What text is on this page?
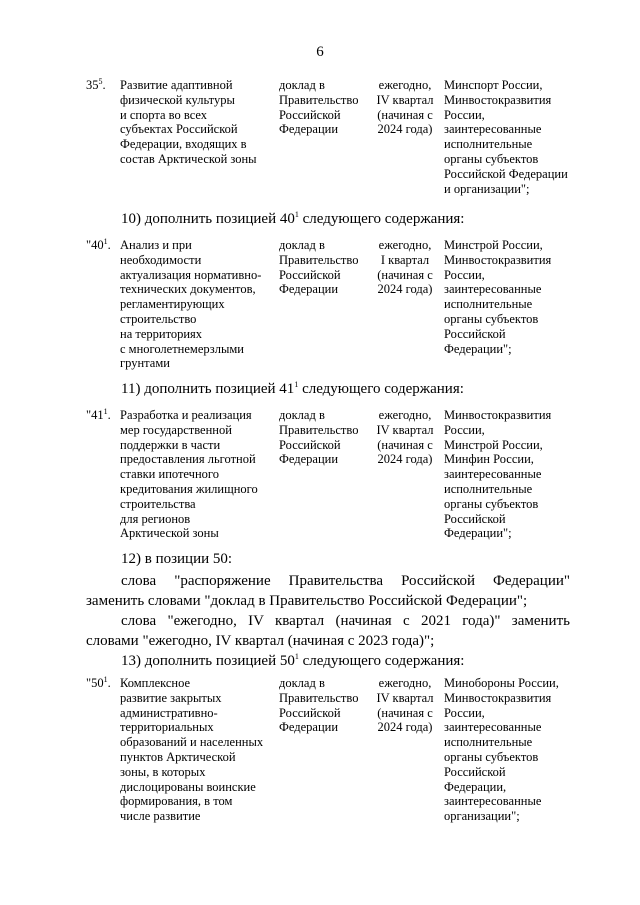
6
$35^5$. Развитие адаптивной
физической культуры
и спорта во всех
субъектах Российской
Федерации, входящих в
состав Арктической зоны
доклад в
Правительство
Российской
Федерации
ежегодно,
IV квартал
(начиная с
2024 года)
Минспорт России,
Минвостокразвития
России,
заинтересованные
исполнительные
органы субъектов
Российской Федерации
и организации";
10) дополнить позицией $40^1$ следующего содержания:
"$40^1$. Анализ и при
необходимости
актуализация нормативно-
технических документов,
регламентирующих
строительство
на территориях
с многолетнемерзлыми
грунтами
доклад в
Правительство
Российской
Федерации
ежегодно,
I квартал
(начиная с
2024 года)
Минстрой России,
Минвостокразвития
России,
заинтересованные
исполнительные
органы субъектов
Российской
Федерации";
11) дополнить позицией $41^1$ следующего содержания:
"$41^1$. Разработка и реализация
мер государственной
поддержки в части
предоставления льготной
ставки ипотечного
кредитования жилищного
строительства
для регионов
Арктической зоны
доклад в
Правительство
Российской
Федерации
ежегодно,
IV квартал
(начиная с
2024 года)
Минвостокразвития
России,
Минстрой России,
Минфин России,
заинтересованные
исполнительные
органы субъектов
Российской
Федерации";
12) в позиции 50:
слова "распоряжение Правительства Российской Федерации"
заменить словами "доклад в Правительство Российской Федерации";
слова "ежегодно, IV квартал (начиная с 2021 года)" заменить
словами "ежегодно, IV квартал (начиная с 2023 года)";
13) дополнить позицией $50^1$ следующего содержания:
"$50^1$. Комплексное
развитие закрытых
административно-
территориальных
образований и населенных
пунктов Арктической
зоны, в которых
дислоцированы воинские
формирования, в том
числе развитие
доклад в
Правительство
Российской
Федерации
ежегодно,
IV квартал
(начиная с
2024 года)
Минобороны России,
Минвостокразвития
России,
заинтересованные
исполнительные
органы субъектов
Российской
Федерации,
заинтересованные
организации";
